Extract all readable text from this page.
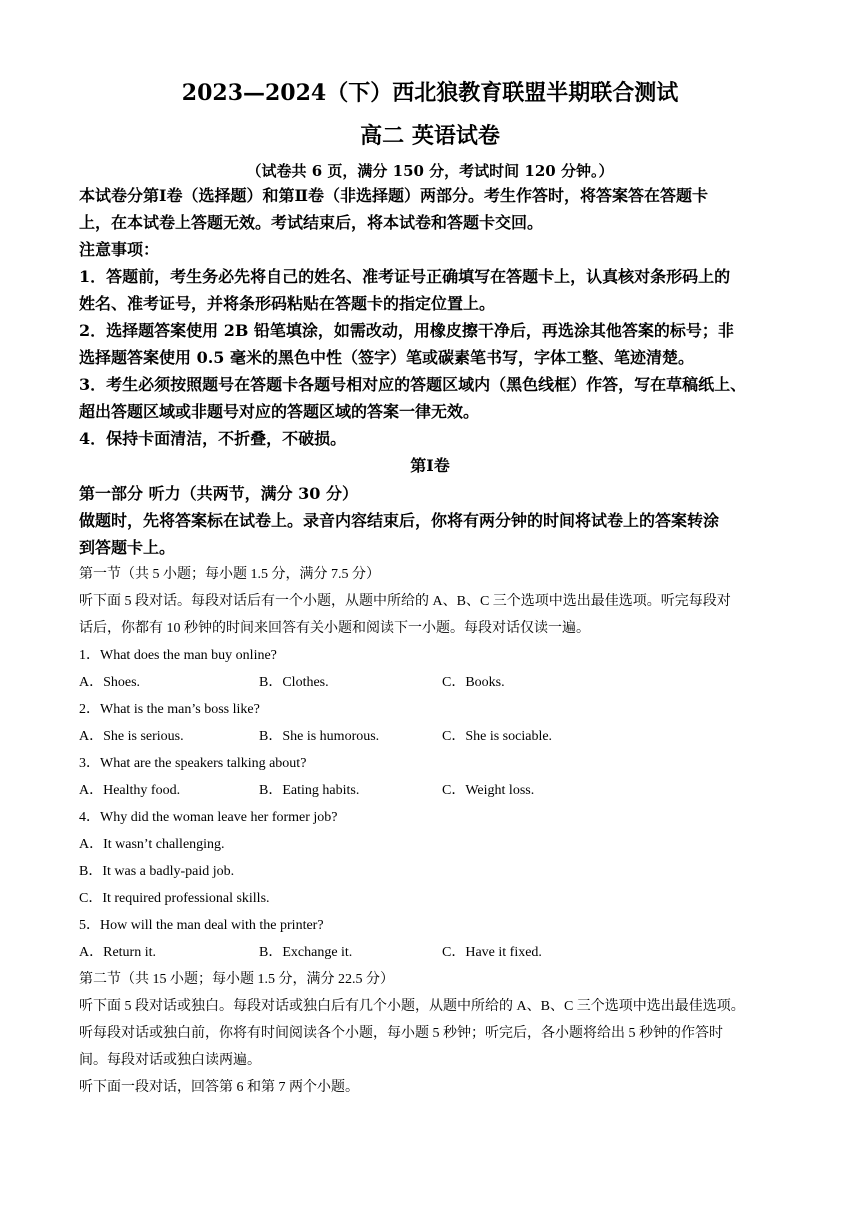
2023—2024（下）西北狼教育联盟半期联合测试
高二 英语试卷
（试卷共 6 页，满分 150 分，考试时间 120 分钟。）
本试卷分第Ⅰ卷（选择题）和第Ⅱ卷（非选择题）两部分。考生作答时，将答案答在答题卡
上，在本试卷上答题无效。考试结束后，将本试卷和答题卡交回。
注意事项：
1．答题前，考生务必先将自己的姓名、准考证号正确填写在答题卡上，认真核对条形码上的
姓名、准考证号，并将条形码粘贴在答题卡的指定位置上。
2．选择题答案使用 2B 铅笔填涂，如需改动，用橡皮擦干净后，再选涂其他答案的标号；非
选择题答案使用 0.5 毫米的黑色中性（签字）笔或碳素笔书写，字体工整、笔迹清楚。
3．考生必须按照题号在答题卡各题号相对应的答题区域内（黑色线框）作答，写在草稿纸上、
超出答题区域或非题号对应的答题区域的答案一律无效。
4．保持卡面清洁，不折叠，不破损。
第Ⅰ卷
第一部分 听力（共两节，满分 30 分）
做题时，先将答案标在试卷上。录音内容结束后，你将有两分钟的时间将试卷上的答案转涂
到答题卡上。
第一节（共 5 小题；每小题 1.5 分，满分 7.5 分）
听下面 5 段对话。每段对话后有一个小题，从题中所给的 A、B、C 三个选项中选出最佳选项。听完每段对
话后，你都有 10 秒钟的时间来回答有关小题和阅读下一小题。每段对话仅读一遍。
1．What does the man buy online?
A．Shoes.	B．Clothes.	C．Books.
2．What is the man’s boss like?
A．She is serious.	B．She is humorous.	C．She is sociable.
3．What are the speakers talking about?
A．Healthy food.	B．Eating habits.	C．Weight loss.
4．Why did the woman leave her former job?
A．It wasn’t challenging.
B．It was a badly-paid job.
C．It required professional skills.
5．How will the man deal with the printer?
A．Return it.	B．Exchange it.	C．Have it fixed.
第二节（共 15 小题；每小题 1.5 分，满分 22.5 分）
听下面 5 段对话或独白。每段对话或独白后有几个小题，从题中所给的 A、B、C 三个选项中选出最佳选项。
听每段对话或独白前，你将有时间阅读各个小题，每小题 5 秒钟；听完后，各小题将给出 5 秒钟的作答时
间。每段对话或独白读两遍。
听下面一段对话，回答第 6 和第 7 两个小题。
